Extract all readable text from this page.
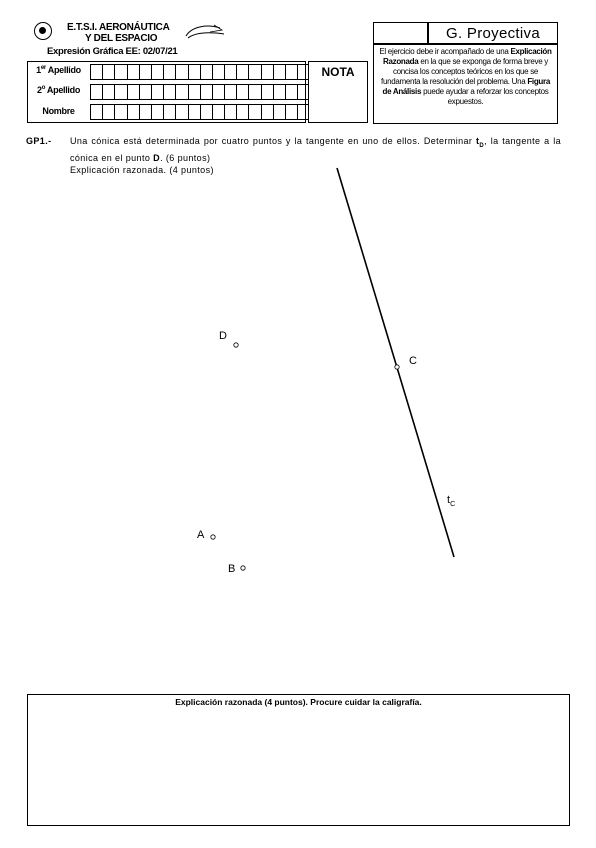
E.T.S.I. AERONÁUTICA
Y DEL ESPACIO
Expresión Gráfica EE: 02/07/21
1er Apellido
2$^o$ Apellido
Nombre
NOTA
G. Proyectiva
El ejercicio debe ir acompañado de una Explicación Razonada en la que se exponga de forma breve y concisa los conceptos teóricos en los que se fundamenta la resolución del problema. Una Figura de Análisis puede ayudar a reforzar los conceptos expuestos.
GP1.-	Una cónica está determinada por cuatro puntos y la tangente en uno de ellos. Determinar $t_D$, la tangente a la cónica en el punto D. (6 puntos)
Explicación razonada. (4 puntos)
D
C
A
B
$t_C$
Explicación razonada (4 puntos). Procure cuidar la caligrafía.
